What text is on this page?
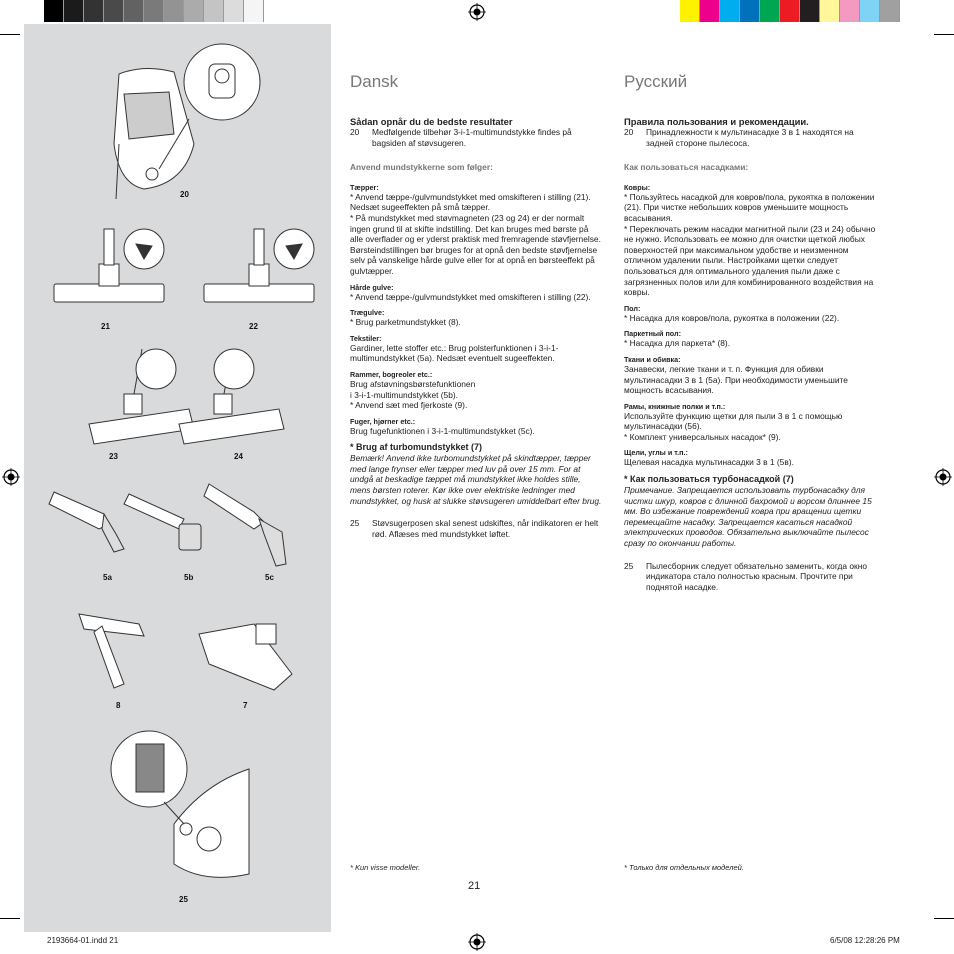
20
21	22
23	24
5a	5b	5c
8	7
25
Dansk
Sådan opnår du de bedste resultater
20	Medfølgende tilbehør 3-i-1-multimundstykke findes på bagsiden af støvsugeren.
Anvend mundstykkerne som følger:
Tæpper:

* Anvend tæppe-/gulvmundstykket med omskifteren i stilling (21). Nedsæt sugeeffekten på små tæpper.

* På mundstykket med støvmagneten (23 og 24) er der normalt ingen grund til at skifte indstilling. Det kan bruges med børste på alle overflader og er yderst praktisk med fremragende støvfjernelse. Børsteindstillingen bør bruges for at opnå den bedste støvfjernelse selv på vanskelige hårde gulve eller for at opnå en børsteeffekt på gulvtæpper.

Hårde gulve:

* Anvend tæppe-/gulvmundstykket med omskifteren i stilling (22).

Trægulve:

* Brug parketmundstykket (8).

Tekstiler:

Gardiner, lette stoffer etc.: Brug polsterfunktionen i 3-i-1-multimundstykket (5a). Nedsæt eventuelt sugeeffekten.

Rammer, bogreoler etc.:

Brug afstøvningsbørstefunktionen

i 3-i-1-multimundstykket (5b).

* Anvend sæt med fjerkoste (9).

Fuger, hjørner etc.:

Brug fugefunktionen i 3-i-1-multimundstykket (5c).

* Brug af turbomundstykket (7)

Bemærk! Anvend ikke turbomundstykket på skindtæpper, tæpper med lange frynser eller tæpper med luv på over 15 mm. For at undgå at beskadige tæppet må mundstykket ikke holdes stille, mens børsten roterer. Kør ikke over elektriske ledninger med mundstykket, og husk at slukke støvsugeren umiddelbart efter brug.

25	Støvsugerposen skal senest udskiftes, når indikatoren er helt rød. Aflæses med mundstykket løftet.
Русский
Правила пользования и рекомендации.
20	Принадлежности к мультинасадке 3 в 1 находятся на задней стороне пылесоса.
Как пользоваться насадками:
Ковры:

* Пользуйтесь насадкой для ковров/пола, рукоятка в положении (21). При чистке небольших ковров уменьшите мощность всасывания.

* Переключать режим насадки магнитной пыли (23 и 24) обычно не нужно. Использовать ее можно для очистки щеткой любых поверхностей при максимальном удобстве и неизменном отличном удалении пыли. Настройками щетки следует пользоваться для оптимального удаления пыли даже с загрязненных полов или для комбинированного воздействия на ковры.

Пол:

* Насадка для ковров/пола, рукоятка в положении (22).

Паркетный пол:

* Насадка для паркета* (8).

Ткани и обивка:

Занавески, легкие ткани и т. п. Функция для обивки мультинасадки 3 в 1 (5а). При необходимости уменьшите мощность всасывания.

Рамы, книжные полки и т.п.:

Используйте функцию щетки для пыли 3 в 1 с помощью мультинасадки (56).

* Комплект универсальных насадок* (9).

Щели, углы и т.п.:

Щелевая насадка мультинасадки 3 в 1 (5в).

* Как пользоваться турбонасадкой (7)

Примечание. Запрещается использовать турбонасадку для чистки шкур, ковров с длинной бахромой и ворсом длиннее 15 мм. Во избежание повреждений ковра при вращении щетки перемещайте насадку. Запрещается касаться насадкой электрических проводов. Обязательно выключайте пылесос сразу по окончании работы.

25	Пылесборник следует обязательно заменить, когда окно индикатора стало полностью красным. Прочтите при поднятой насадке.
* Kun visse modeller.	* Только для отдельных моделей.
21
2193664-01.indd 21	6/5/08 12:28:26 PM
